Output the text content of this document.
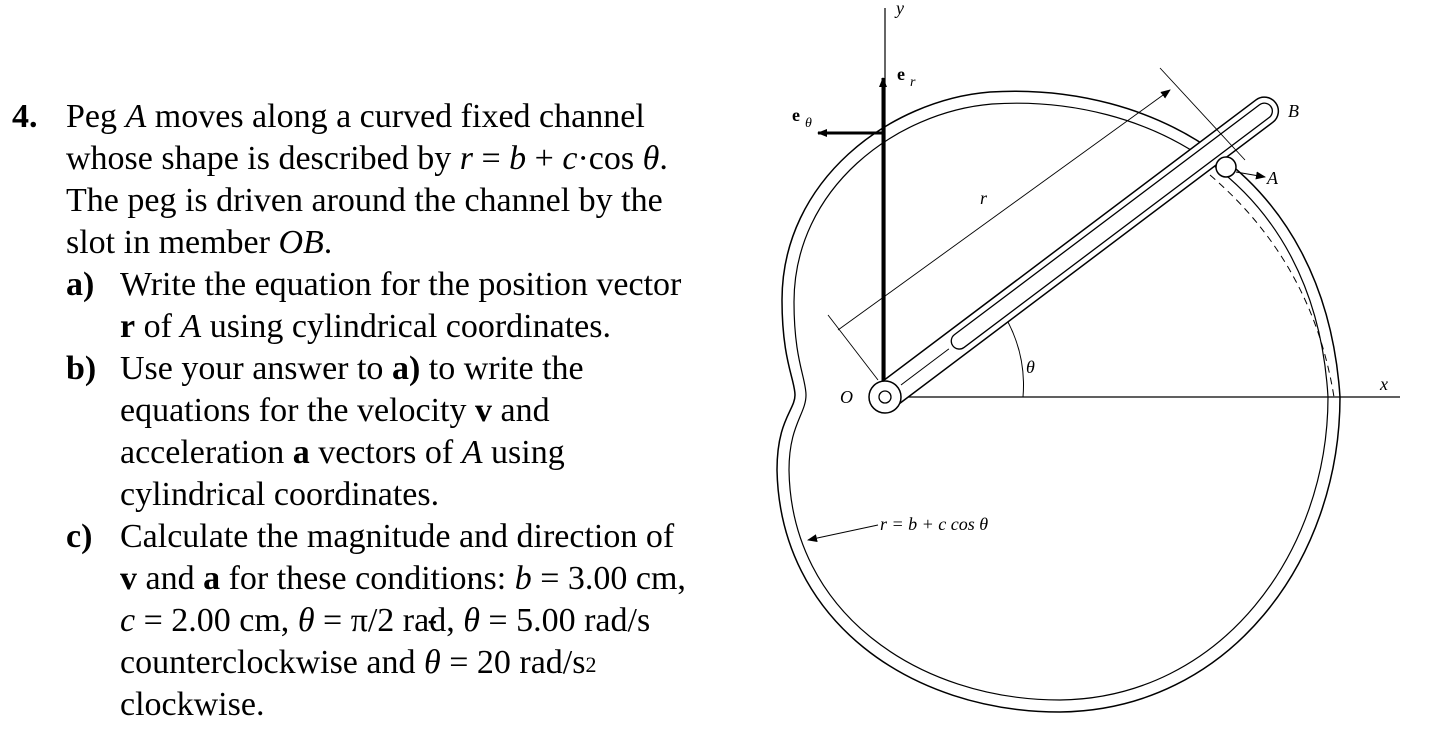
4. Peg A moves along a curved fixed channel
whose shape is described by r = b + c·cos θ.
The peg is driven around the channel by the
slot in member OB.
a) Write the equation for the position vector
r of A using cylindrical coordinates.
b) Use your answer to a) to write the
equations for the velocity v and
acceleration a vectors of A using
cylindrical coordinates.
c) Calculate the magnitude and direction of
v and a for these conditions: b = 3.00 cm,
c = 2.00 cm, θ = π/2 rad, ˙ θ = 5.00 rad/s
counterclockwise and ¨ θ = 20 rad/$s^2$
clockwise.
y
x
O
B
A
r
θ
e r
e θ
r = b + c cos θ
